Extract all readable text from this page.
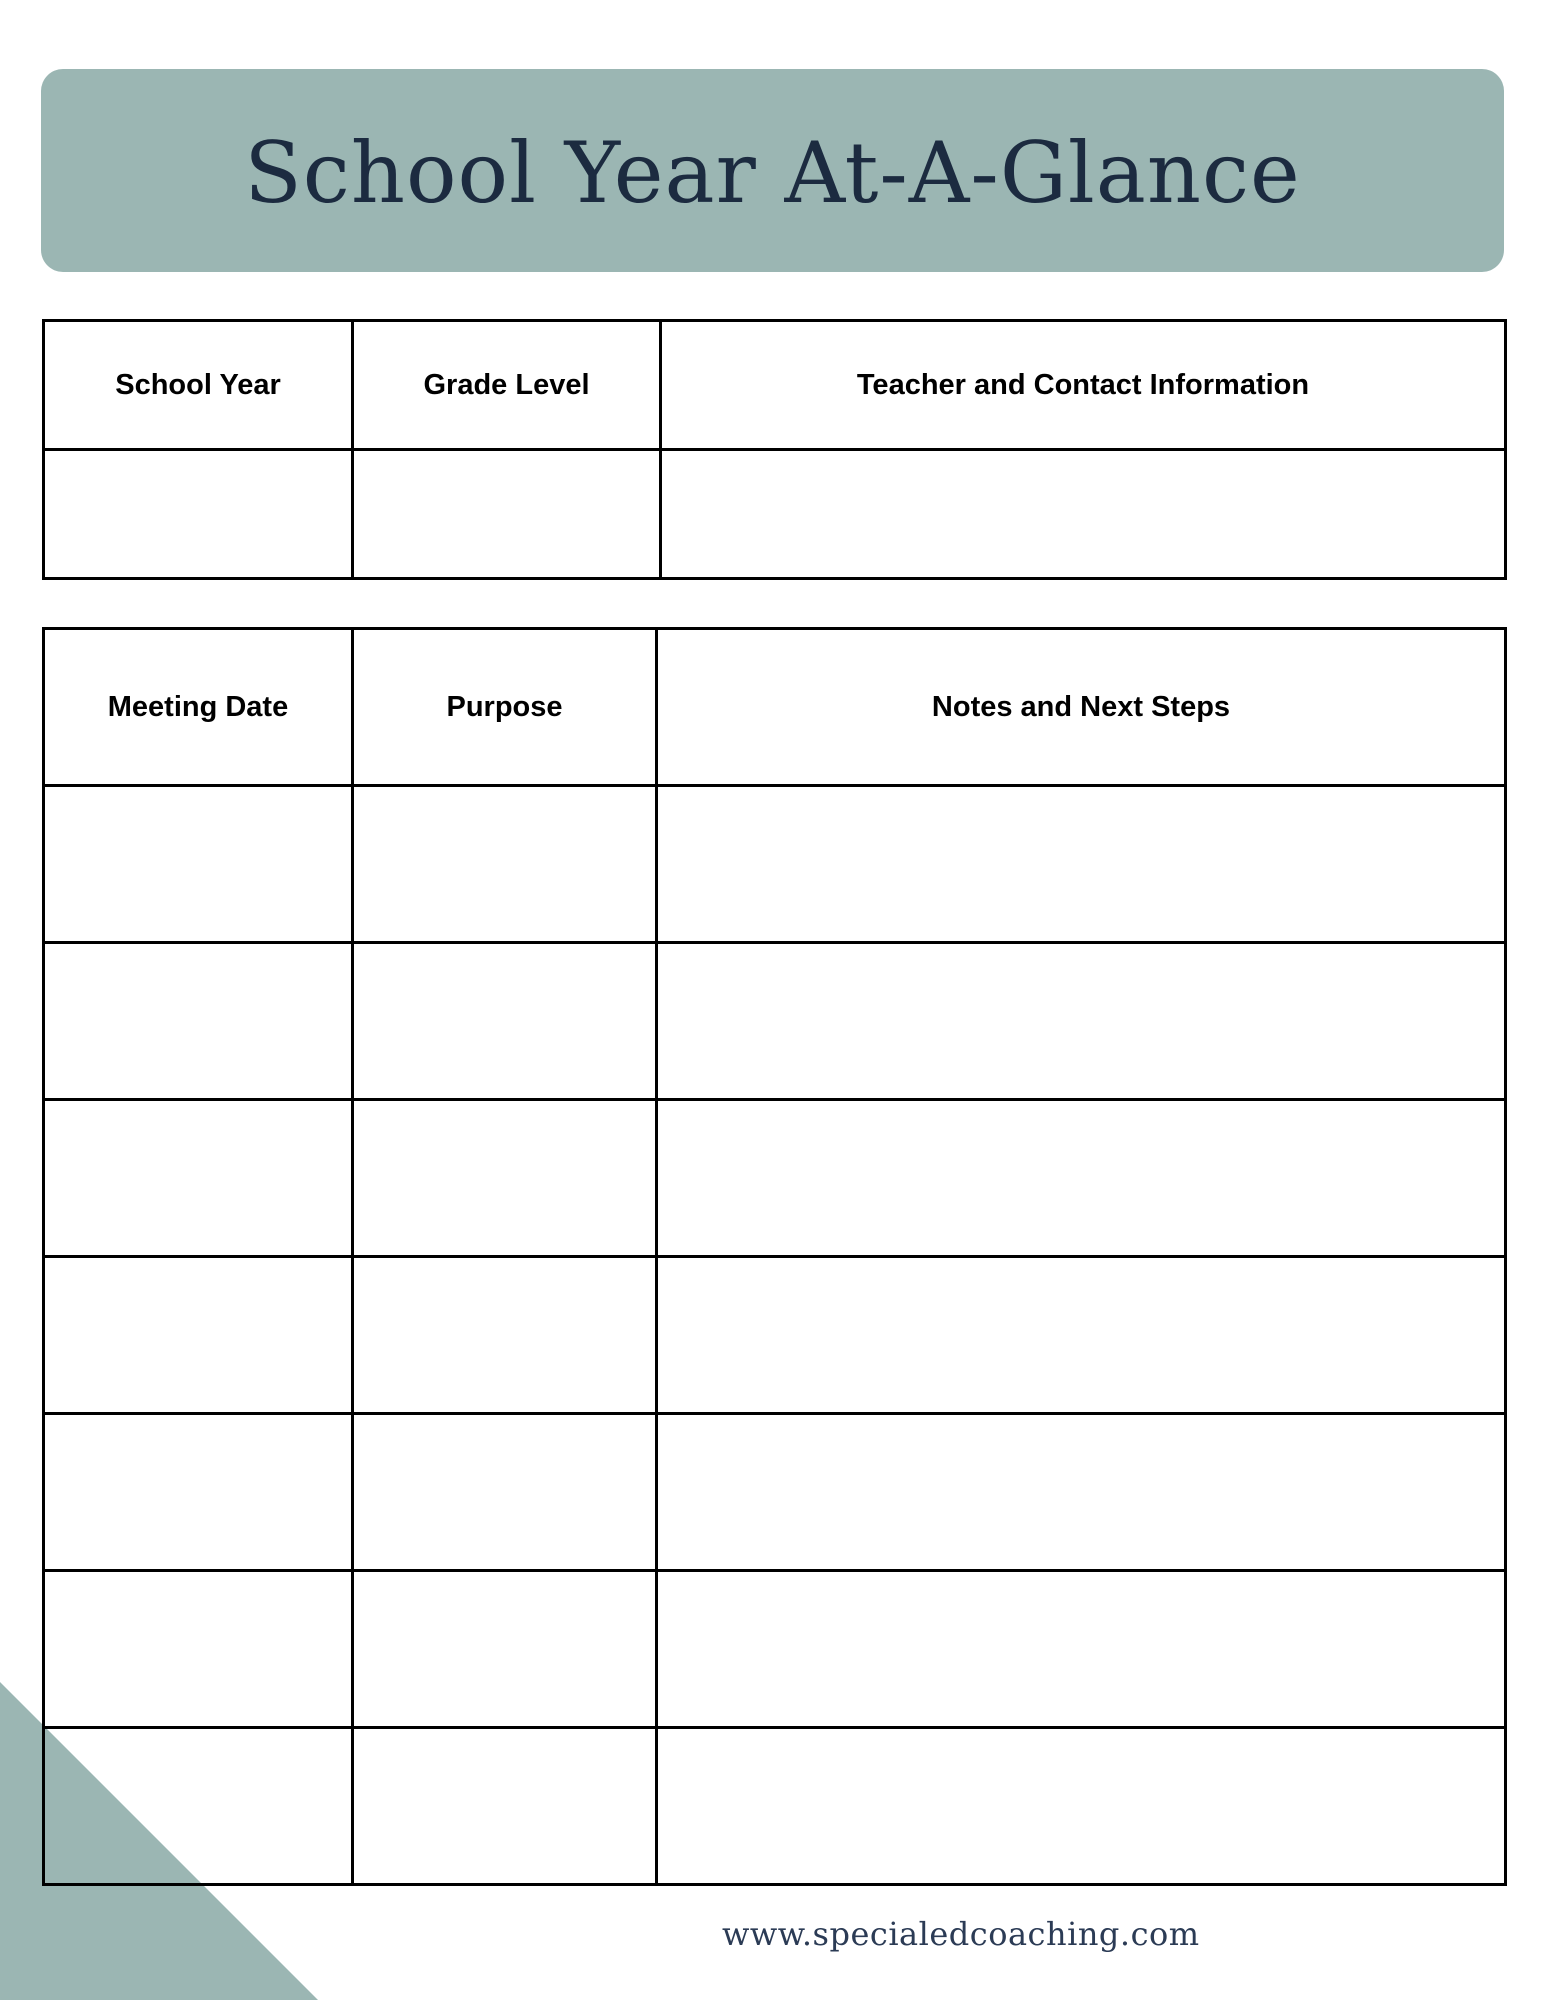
School Year At-A-Glance
School Year	Grade Level	Teacher and Contact Information

Meeting Date	Purpose	Notes and Next Steps

www.specialedcoaching.com
